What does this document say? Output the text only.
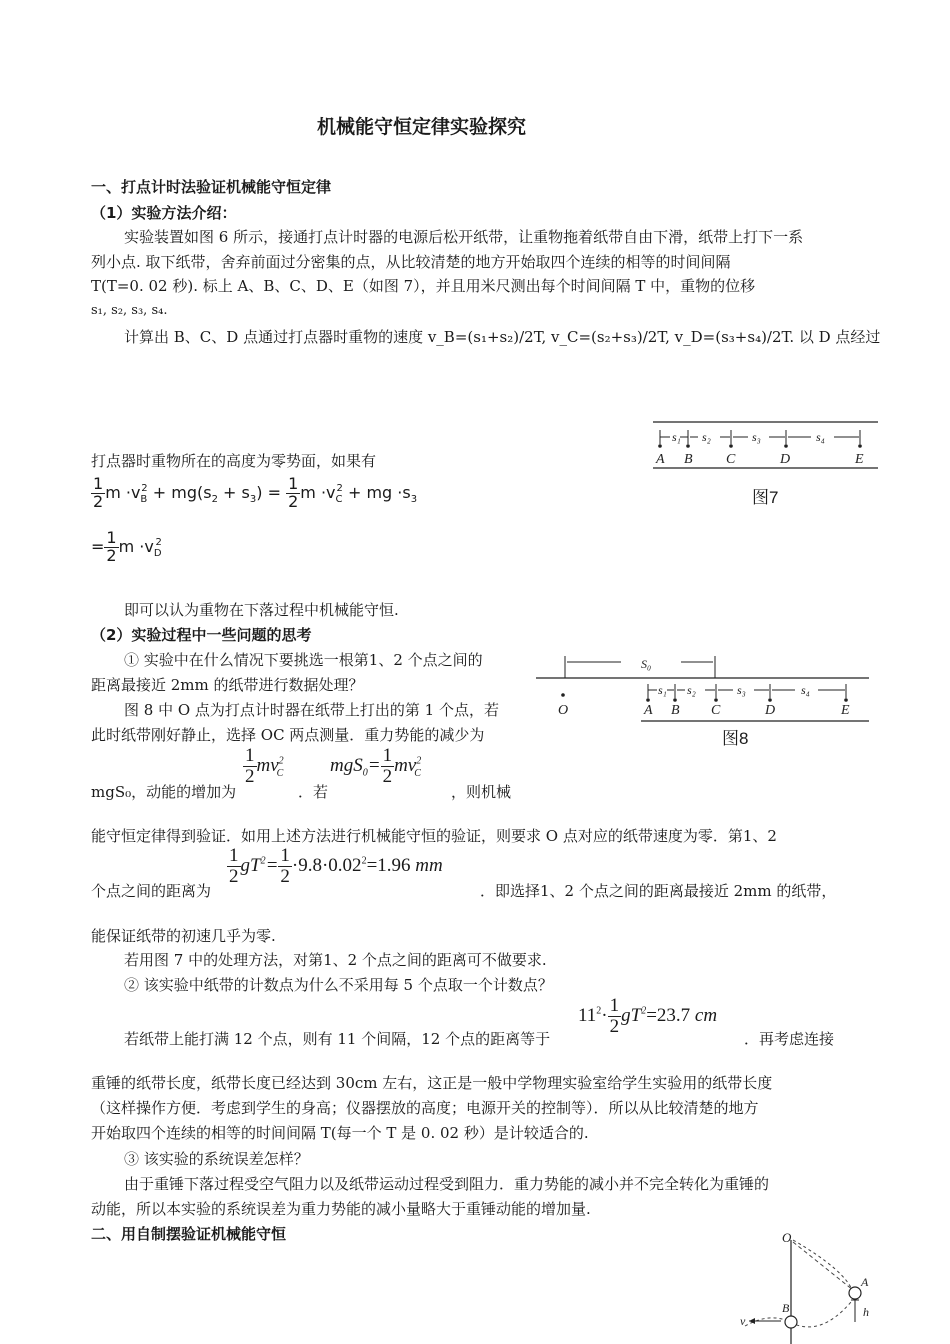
机械能守恒定律实验探究
一、打点计时法验证机械能守恒定律
（1）实验方法介绍：
实验装置如图 6 所示，接通打点计时器的电源后松开纸带，让重物拖着纸带自由下滑，纸带上打下一系
列小点. 取下纸带，舍弃前面过分密集的点，从比较清楚的地方开始取四个连续的相等的时间间隔
T(T=0. 02 秒). 标上 A、B、C、D、E（如图 7），并且用米尺测出每个时间间隔 T 中，重物的位移
s₁, s₂, s₃, s₄.
计算出 B、C、D 点通过打点器时重物的速度 v_B=(s₁+s₂)/2T, v_C=(s₂+s₃)/2T, v_D=(s₃+s₄)/2T. 以 D 点经过
打点器时重物所在的高度为零势面，如果有
$\frac{1}{2}$ $m \cdot v_B^2 + mg(s_2 + s_3) = \frac{1}{2}$ $m \cdot v_C^2$ + mg $\cdot s_3$
= $\frac{1}{2}$ $m \cdot v_D^2$
即可以认为重物在下落过程中机械能守恒.
s₁ s₂	s₃	s₄
A B C	D	E
图7
（2）实验过程中一些问题的思考
① 实验中在什么情况下要挑选一根第1、2 个点之间的
距离最接近 2mm 的纸带进行数据处理？
图 8 中 O 点为打点计时器在纸带上打出的第 1 个点，若
此时纸带刚好静止，选择 OC 两点测量．重力势能的减少为
mgS₀，动能的增加为
$\frac{1}{2} mv^2_C$
．若
$mgS_0= \frac{1}{2} mv^2_C$
，则机械
能守恒定律得到验证．如用上述方法进行机械能守恒的验证，则要求 O 点对应的纸带速度为零．第1、2
个点之间的距离为
$\frac{1}{2} gT^2= \frac{1}{2} \cdot 9.8\cdot 0.02^2=1.96$ mm
．即选择1、2 个点之间的距离最接近 2mm 的纸带，
能保证纸带的初速几乎为零.
若用图 7 中的处理方法，对第1、2 个点之间的距离可不做要求.
S₀
s₁ s₂	s₃	s₄
O	A B C	D	E
图8
② 该实验中纸带的计数点为什么不采用每 5 个点取一个计数点？
若纸带上能打满 12 个点，则有 11 个间隔，12 个点的距离等于
$11^2\cdot \frac{1}{2} gT^2=23.7$ cm
．再考虑连接
重锤的纸带长度，纸带长度已经达到 30cm 左右，这正是一般中学物理实验室给学生实验用的纸带长度
（这样操作方便．考虑到学生的身高；仪器摆放的高度；电源开关的控制等）．所以从比较清楚的地方
开始取四个连续的相等的时间间隔 T(每一个 T 是 0. 02 秒）是计较适合的.
③ 该实验的系统误差怎样？
由于重锤下落过程受空气阻力以及纸带运动过程受到阻力．重力势能的减小并不完全转化为重锤的
动能，所以本实验的系统误差为重力势能的减小量略大于重锤动能的增加量.
二、用自制摆验证机械能守恒	O
A
h
B
v
